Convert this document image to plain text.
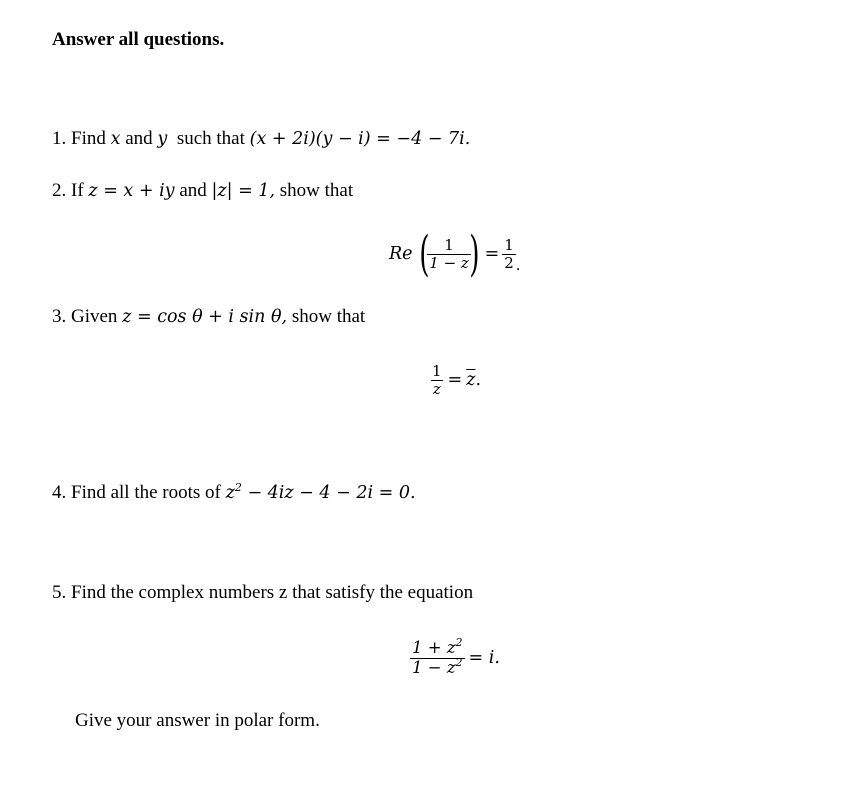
Answer all questions.
1. Find x and y such that (x + 2i)(y − i) = −4 − 7i.
2. If z = x + iy and |z| = 1, show that
Re (
$\frac{1}{1 - z}$
) = $\frac{1}{2}$ .
3. Given z = cos θ + i sin θ, show that
$\frac{1}{z} = \overline{z}$ .
4. Find all the roots of $z^2 - 4iz - 4 - 2i = 0$.
5. Find the complex numbers z that satisfy the equation
$\frac{1 + z^2}{1 - z^2} = i$.
Give your answer in polar form.
